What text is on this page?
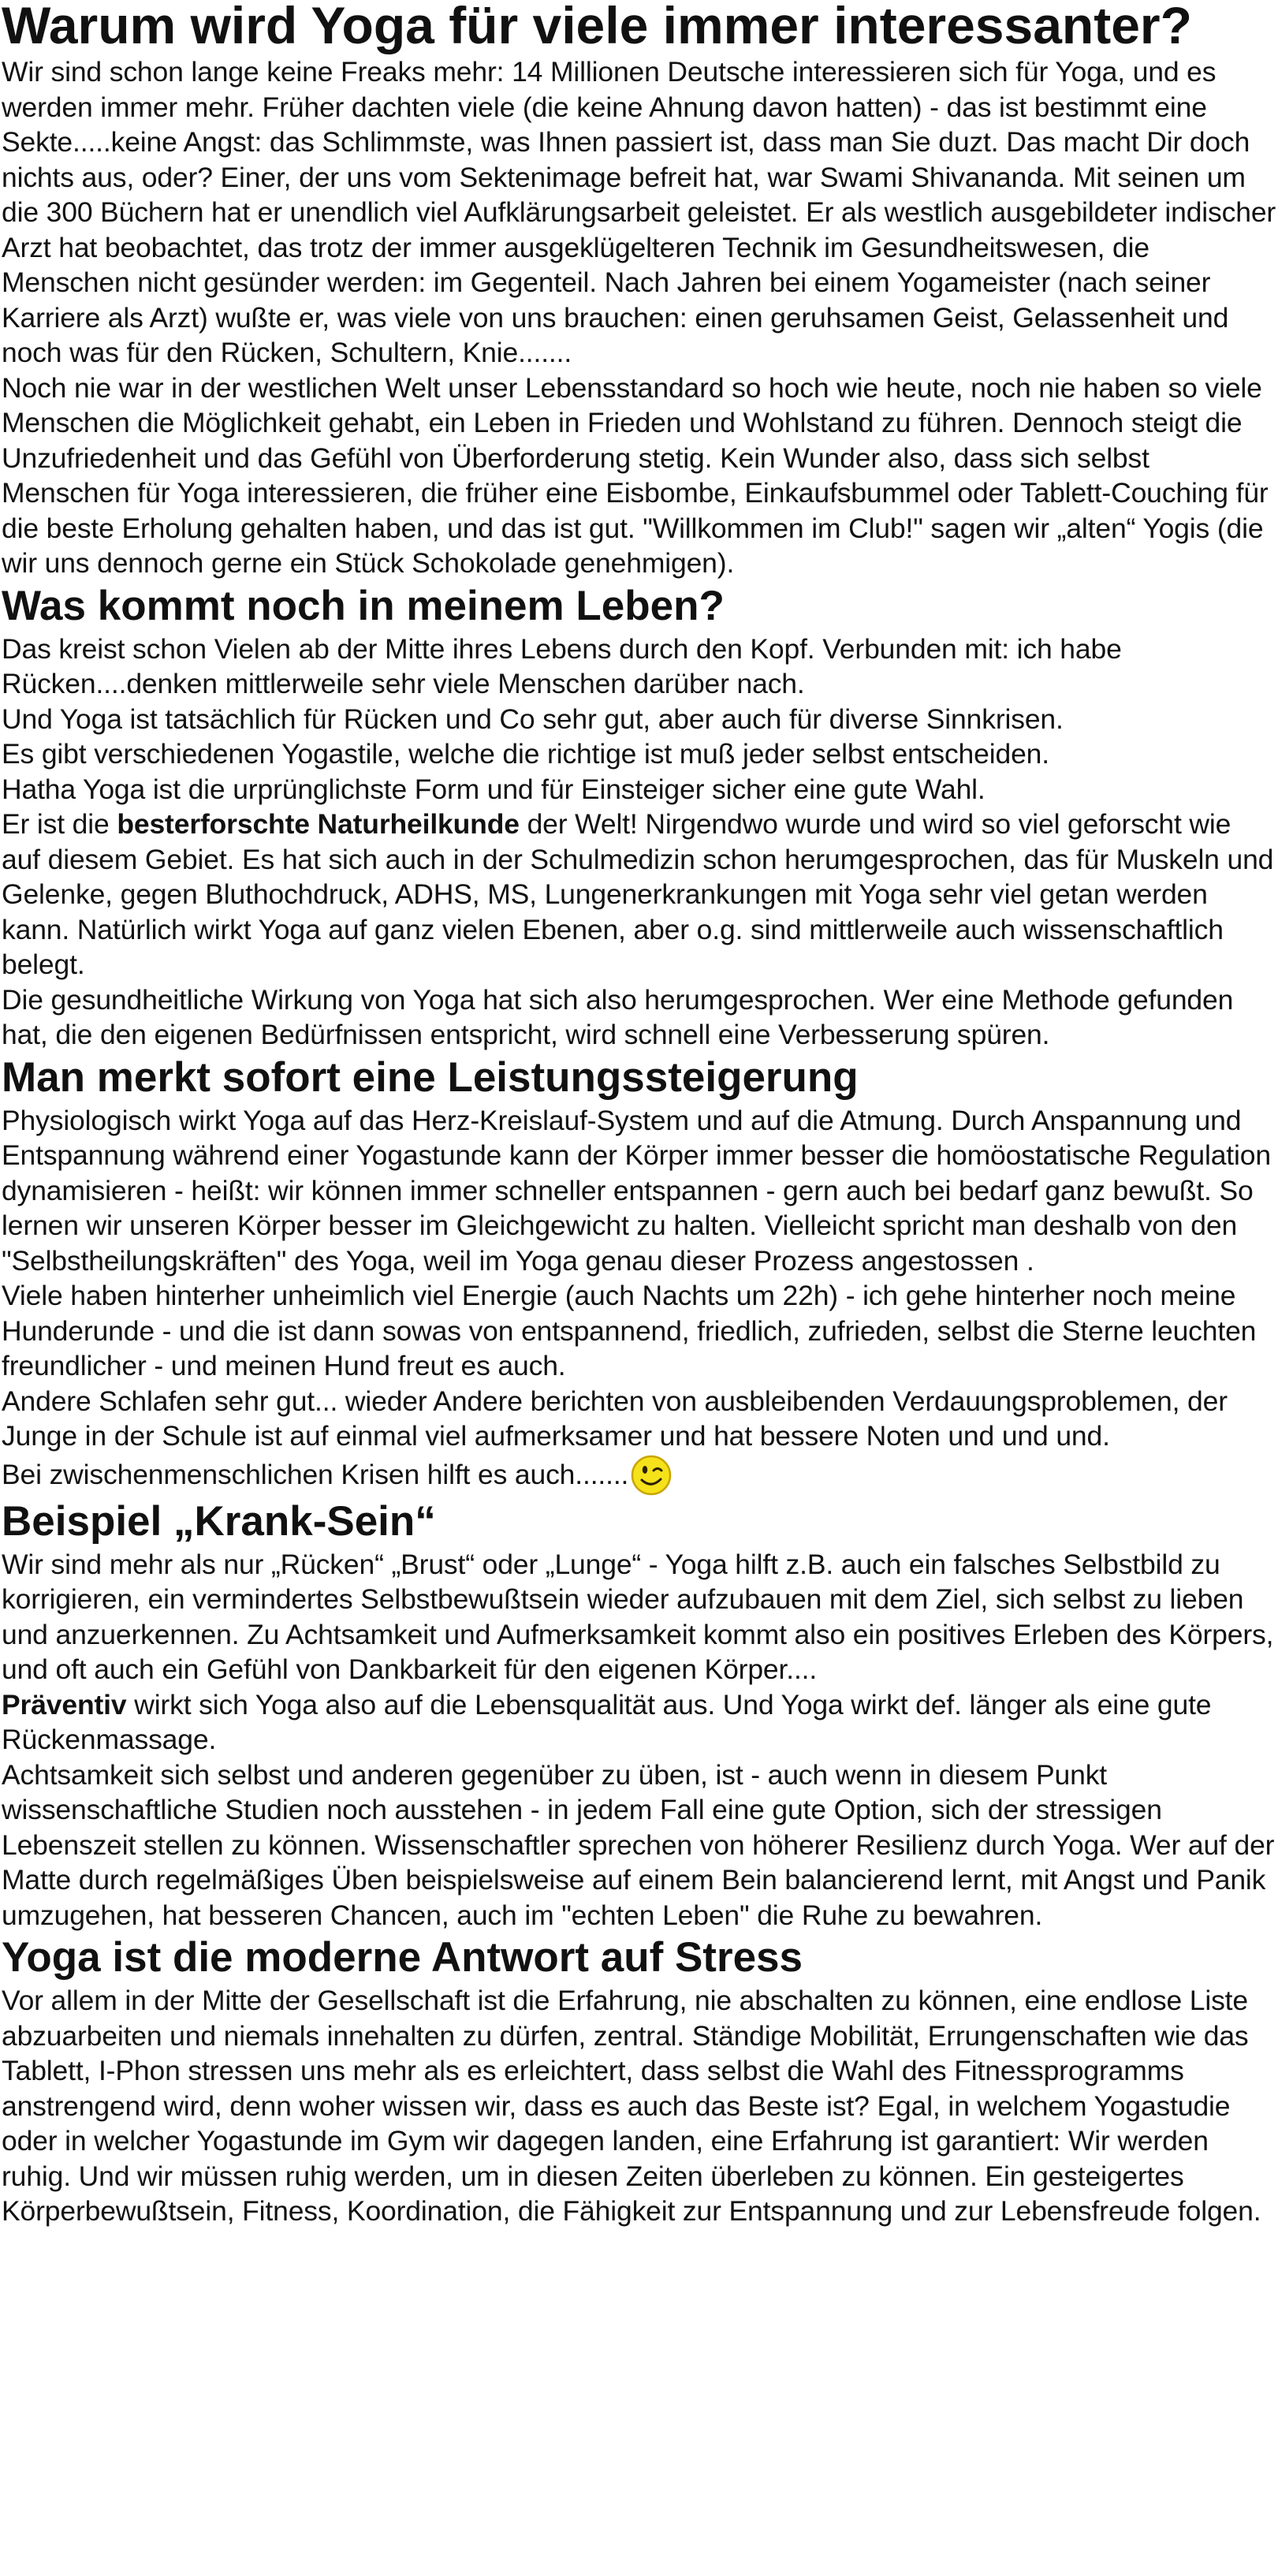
Warum wird Yoga für viele immer interessanter?

Wir sind schon lange keine Freaks mehr: 14 Millionen Deutsche interessieren sich für Yoga, und es werden immer mehr. Früher dachten viele (die keine Ahnung davon hatten) - das ist bestimmt eine Sekte.....keine Angst: das Schlimmste, was Ihnen passiert ist, dass man Sie duzt. Das macht Dir doch nichts aus, oder? Einer, der uns vom Sektenimage befreit hat, war Swami Shivananda. Mit seinen um die 300 Büchern hat er unendlich viel Aufklärungsarbeit geleistet. Er als westlich ausgebildeter indischer Arzt hat beobachtet, das trotz der immer ausgeklügelteren Technik im Gesundheitswesen, die Menschen nicht gesünder werden: im Gegenteil. Nach Jahren bei einem Yogameister (nach seiner Karriere als Arzt) wußte er, was viele von uns brauchen: einen geruhsamen Geist, Gelassenheit und noch was für den Rücken, Schultern, Knie.......

Noch nie war in der westlichen Welt unser Lebensstandard so hoch wie heute, noch nie haben so viele Menschen die Möglichkeit gehabt, ein Leben in Frieden und Wohlstand zu führen. Dennoch steigt die Unzufriedenheit und das Gefühl von Überforderung stetig. Kein Wunder also, dass sich selbst Menschen für Yoga interessieren, die früher eine Eisbombe, Einkaufsbummel oder Tablett-Couching für die beste Erholung gehalten haben, und das ist gut. "Willkommen im Club!" sagen wir „alten“ Yogis (die wir uns dennoch gerne ein Stück Schokolade genehmigen).

Was kommt noch in meinem Leben?

Das kreist schon Vielen ab der Mitte ihres Lebens durch den Kopf. Verbunden mit: ich habe Rücken....denken mittlerweile sehr viele Menschen darüber nach.

Und Yoga ist tatsächlich für Rücken und Co sehr gut, aber auch für diverse Sinnkrisen.

Es gibt verschiedenen Yogastile, welche die richtige ist muß jeder selbst entscheiden.

Hatha Yoga ist die urprünglichste Form und für Einsteiger sicher eine gute Wahl.

Er ist die besterforschte Naturheilkunde der Welt! Nirgendwo wurde und wird so viel geforscht wie auf diesem Gebiet. Es hat sich auch in der Schulmedizin schon herumgesprochen, das für Muskeln und Gelenke, gegen Bluthochdruck, ADHS, MS, Lungenerkrankungen mit Yoga sehr viel getan werden kann. Natürlich wirkt Yoga auf ganz vielen Ebenen, aber o.g. sind mittlerweile auch wissenschaftlich belegt.

Die gesundheitliche Wirkung von Yoga hat sich also herumgesprochen. Wer eine Methode gefunden hat, die den eigenen Bedürfnissen entspricht, wird schnell eine Verbesserung spüren.

Man merkt sofort eine Leistungssteigerung

Physiologisch wirkt Yoga auf das Herz-Kreislauf-System und auf die Atmung. Durch Anspannung und Entspannung während einer Yogastunde kann der Körper immer besser die homöostatische Regulation dynamisieren - heißt: wir können immer schneller entspannen - gern auch bei bedarf ganz bewußt. So lernen wir unseren Körper besser im Gleichgewicht zu halten. Vielleicht spricht man deshalb von den "Selbstheilungskräften" des Yoga, weil im Yoga genau dieser Prozess angestossen .

Viele haben hinterher unheimlich viel Energie (auch Nachts um 22h) - ich gehe hinterher noch meine Hunderunde - und die ist dann sowas von entspannend, friedlich, zufrieden, selbst die Sterne leuchten freundlicher - und meinen Hund freut es auch.

Andere Schlafen sehr gut... wieder Andere berichten von ausbleibenden Verdauungsproblemen, der Junge in der Schule ist auf einmal viel aufmerksamer und hat bessere Noten und und und.

Bei zwischenmenschlichen Krisen hilft es auch.......

Beispiel „Krank-Sein“

Wir sind mehr als nur „Rücken“ „Brust“ oder „Lunge“ - Yoga hilft z.B. auch ein falsches Selbstbild zu korrigieren, ein vermindertes Selbstbewußtsein wieder aufzubauen mit dem Ziel, sich selbst zu lieben und anzuerkennen. Zu Achtsamkeit und Aufmerksamkeit kommt also ein positives Erleben des Körpers, und oft auch ein Gefühl von Dankbarkeit für den eigenen Körper....

Präventiv wirkt sich Yoga also auf die Lebensqualität aus. Und Yoga wirkt def. länger als eine gute Rückenmassage.

Achtsamkeit sich selbst und anderen gegenüber zu üben, ist - auch wenn in diesem Punkt wissenschaftliche Studien noch ausstehen - in jedem Fall eine gute Option, sich der stressigen Lebenszeit stellen zu können. Wissenschaftler sprechen von höherer Resilienz durch Yoga. Wer auf der Matte durch regelmäßiges Üben beispielsweise auf einem Bein balancierend lernt, mit Angst und Panik umzugehen, hat besseren Chancen, auch im "echten Leben" die Ruhe zu bewahren.

Yoga ist die moderne Antwort auf Stress

Vor allem in der Mitte der Gesellschaft ist die Erfahrung, nie abschalten zu können, eine endlose Liste abzuarbeiten und niemals innehalten zu dürfen, zentral. Ständige Mobilität, Errungenschaften wie das Tablett, I-Phon stressen uns mehr als es erleichtert, dass selbst die Wahl des Fitnessprogramms anstrengend wird, denn woher wissen wir, dass es auch das Beste ist? Egal, in welchem Yogastudie oder in welcher Yogastunde im Gym wir dagegen landen, eine Erfahrung ist garantiert: Wir werden ruhig. Und wir müssen ruhig werden, um in diesen Zeiten überleben zu können. Ein gesteigertes Körperbewußtsein, Fitness, Koordination, die Fähigkeit zur Entspannung und zur Lebensfreude folgen.
